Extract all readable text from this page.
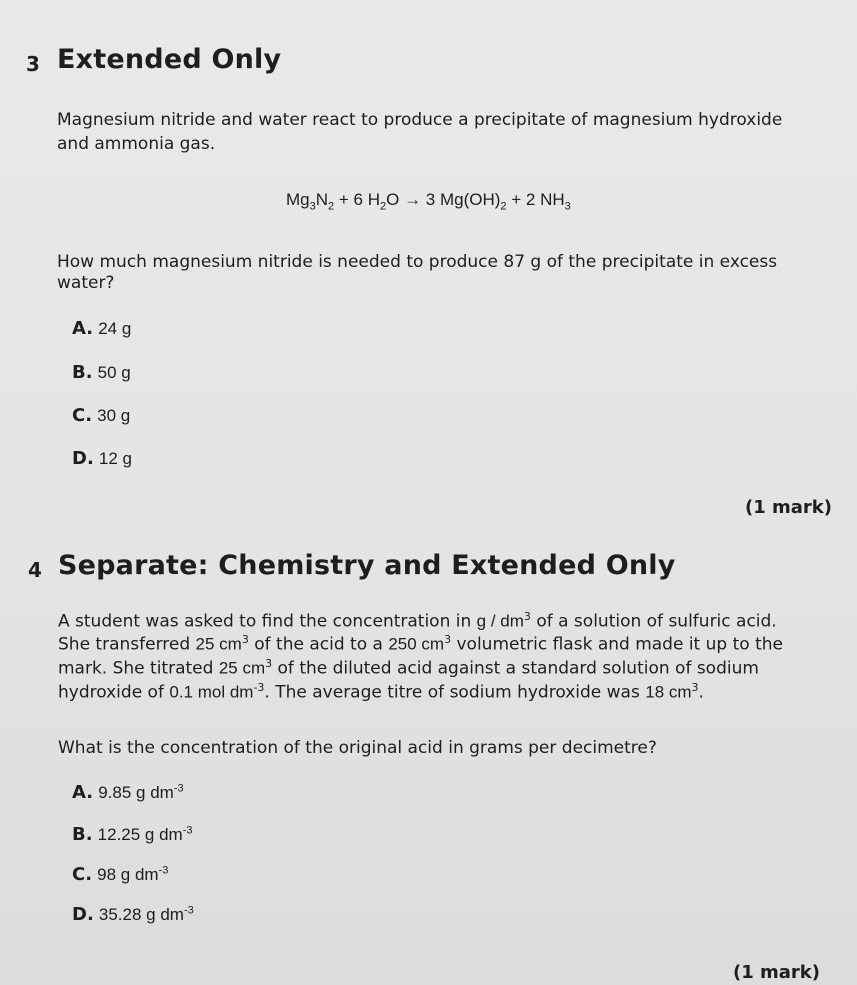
3 Extended Only
Magnesium nitride and water react to produce a precipitate of magnesium hydroxide
and ammonia gas.
$Mg_3N_2 + 6$ $H_2O \to 3$ $Mg(OH)_2 + 2$ $NH_3$
How much magnesium nitride is needed to produce 87 g of the precipitate in excess
water?
A. 24 g
B. 50 g
C. 30 g
D. 12 g
(1 mark)
4 Separate: Chemistry and Extended Only
A student was asked to find the concentration in g / $dm^3$ of a solution of sulfuric acid.
She transferred 25 $cm^3$ of the acid to a 250 $cm^3$ volumetric flask and made it up to the
mark. She titrated 25 $cm^3$ of the diluted acid against a standard solution of sodium
hydroxide of 0.1 mol $dm^{-3}$. The average titre of sodium hydroxide was 18 $cm^3$.
What is the concentration of the original acid in grams per decimetre?
A. 9.85 g $dm^{-3}$
B. 12.25 g $dm^{-3}$
C. 98 g $dm^{-3}$
D. 35.28 g $dm^{-3}$
(1 mark)
